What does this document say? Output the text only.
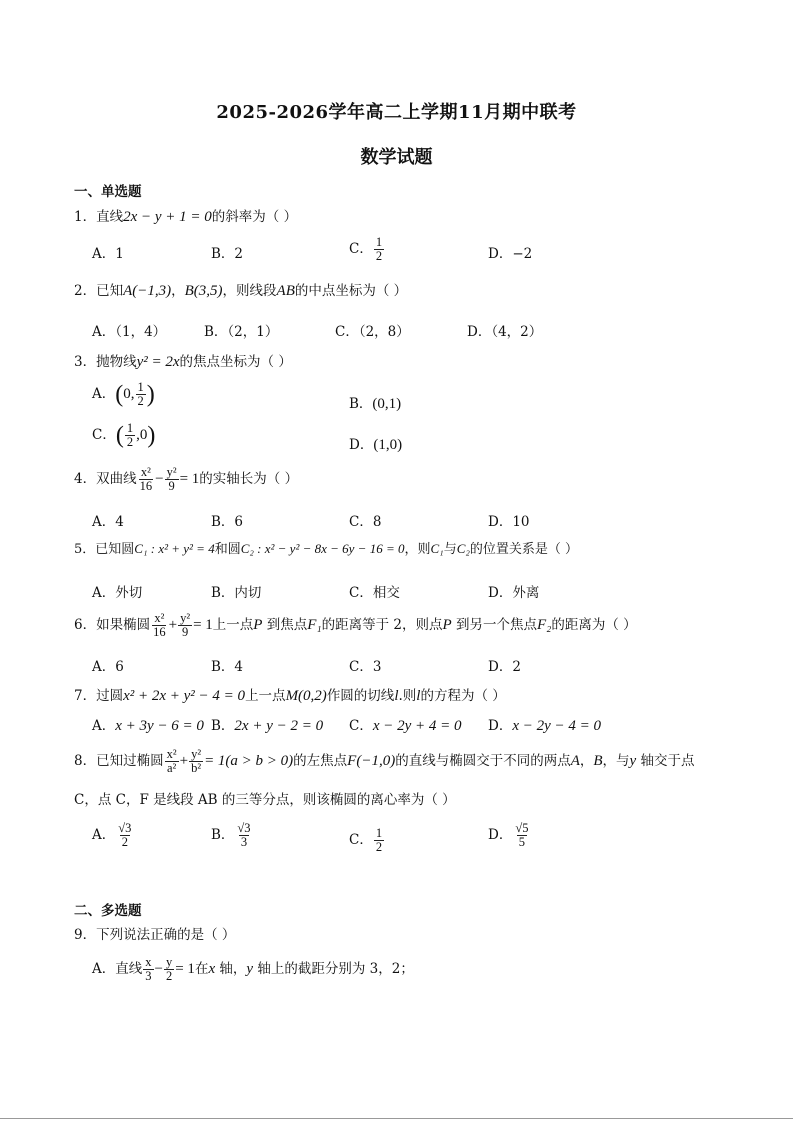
2025-2026学年高二上学期11月期中联考
数学试题
一、单选题
1．直线2x − y + 1 = 0的斜率为（ ）
A．1	B．2	C． $\frac{1}{2}$	D．−2
2．已知A(−1,3)，B(3,5)，则线段AB的中点坐标为（ ）
A．（1，4）	B．（2，1）	C．（2，8）	D．（4，2）
3．抛物线y² = 2x的焦点坐标为（ ）
A．(0, $\frac{1}{2}$ )	B．(0,1)
C．( $\frac{1}{2} ,0$)	D．(1,0)
4．双曲线 $\frac{\text{x²}}{16} - \frac{\text{y²}}{9} = 1$的实轴长为（ ）
A．4	B．6	C．8	D．10
5．已知圆C₁ : x² + y² = 4和圆C₂ : x² − y² − 8x − 6y − 16 = 0，则C₁与C₂的位置关系是（ ）
A．外切	B．内切	C．相交	D．外离
6．如果椭圆 $\frac{\text{x²}}{16} + \frac{\text{y²}}{9} = 1$上一点P 到焦点F₁的距离等于 2，则点P 到另一个焦点F₂的距离为（ ）
A．6	B．4	C．3	D．2
7．过圆x² + 2x + y² − 4 = 0上一点M(0,2)作圆的切线l.则l的方程为（ ）
A．x + 3y − 6 = 0 B．2x + y − 2 = 0 C．x − 2y + 4 = 0 D．x − 2y − 4 = 0
8．已知过椭圆 $\frac{\text{x²}}{\text{a²}} + \frac{\text{y²}}{\text{b²}} = 1(a > b > 0)$的左焦点F(−1,0)的直线与椭圆交于不同的两点A，B，与y 轴交于点
C，点 C，F 是线段 AB 的三等分点，则该椭圆的离心率为（ ）
A． $\frac{√3}{2}$	B． $\frac{√3}{3}$	C． $\frac{1}{2}$	D． $\frac{√5}{5}$
二、多选题
9．下列说法正确的是（ ）
A．直线 $\frac{x}{3} - \frac{y}{2} = 1$在x 轴，y 轴上的截距分别为 3，2；
